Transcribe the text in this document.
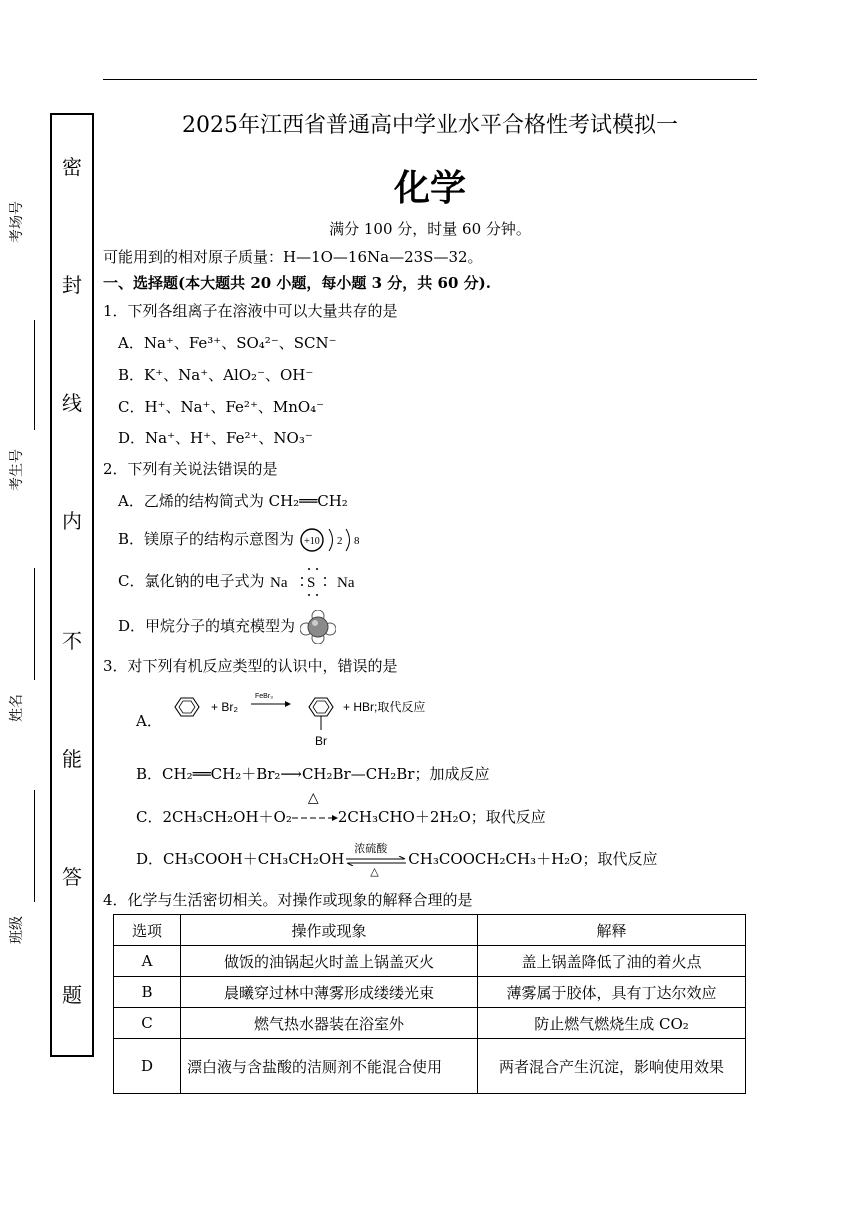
密
封
线
内
不
能
答
题
考场号
考生号
姓名
班级
2025年江西省普通高中学业水平合格性考试模拟一
化学
满分 100 分，时量 60 分钟。
可能用到的相对原子质量：H—1O—16Na—23S—32。
一、选择题(本大题共 20 小题，每小题 3 分，共 60 分).
1．下列各组离子在溶液中可以大量共存的是
A．Na⁺、Fe³⁺、SO₄²⁻、SCN⁻
B．K⁺、Na⁺、AlO₂⁻、OH⁻
C．H⁺、Na⁺、Fe²⁺、MnO₄⁻
D．Na⁺、H⁺、Fe²⁺、NO₃⁻
2．下列有关说法错误的是
A．乙烯的结构简式为 CH₂══CH₂
B．镁原子的结构示意图为 +10 2 8
C．氯化钠的电子式为 Na S Na
D．甲烷分子的填充模型为
3．对下列有机反应类型的认识中，错误的是
A．
+ Br₂
FeBr₃
Br
+ HBr;取代反应
B．CH₂══CH₂＋Br₂⟶CH₂Br—CH₂Br；加成反应
C．2CH₃CH₂OH＋O₂
△
2CH₃CHO＋2H₂O；取代反应
D．CH₃COOH＋CH₃CH₂OH
浓硫酸
△
CH₃COOCH₂CH₃＋H₂O；取代反应
4．化学与生活密切相关。对操作或现象的解释合理的是
选项	操作或现象	解释
A	做饭的油锅起火时盖上锅盖灭火	盖上锅盖降低了油的着火点
B	晨曦穿过林中薄雾形成缕缕光束	薄雾属于胶体，具有丁达尔效应
C	燃气热水器装在浴室外	防止燃气燃烧生成 CO₂
D	漂白液与含盐酸的洁厕剂不能混合使用	两者混合产生沉淀，影响使用效果
